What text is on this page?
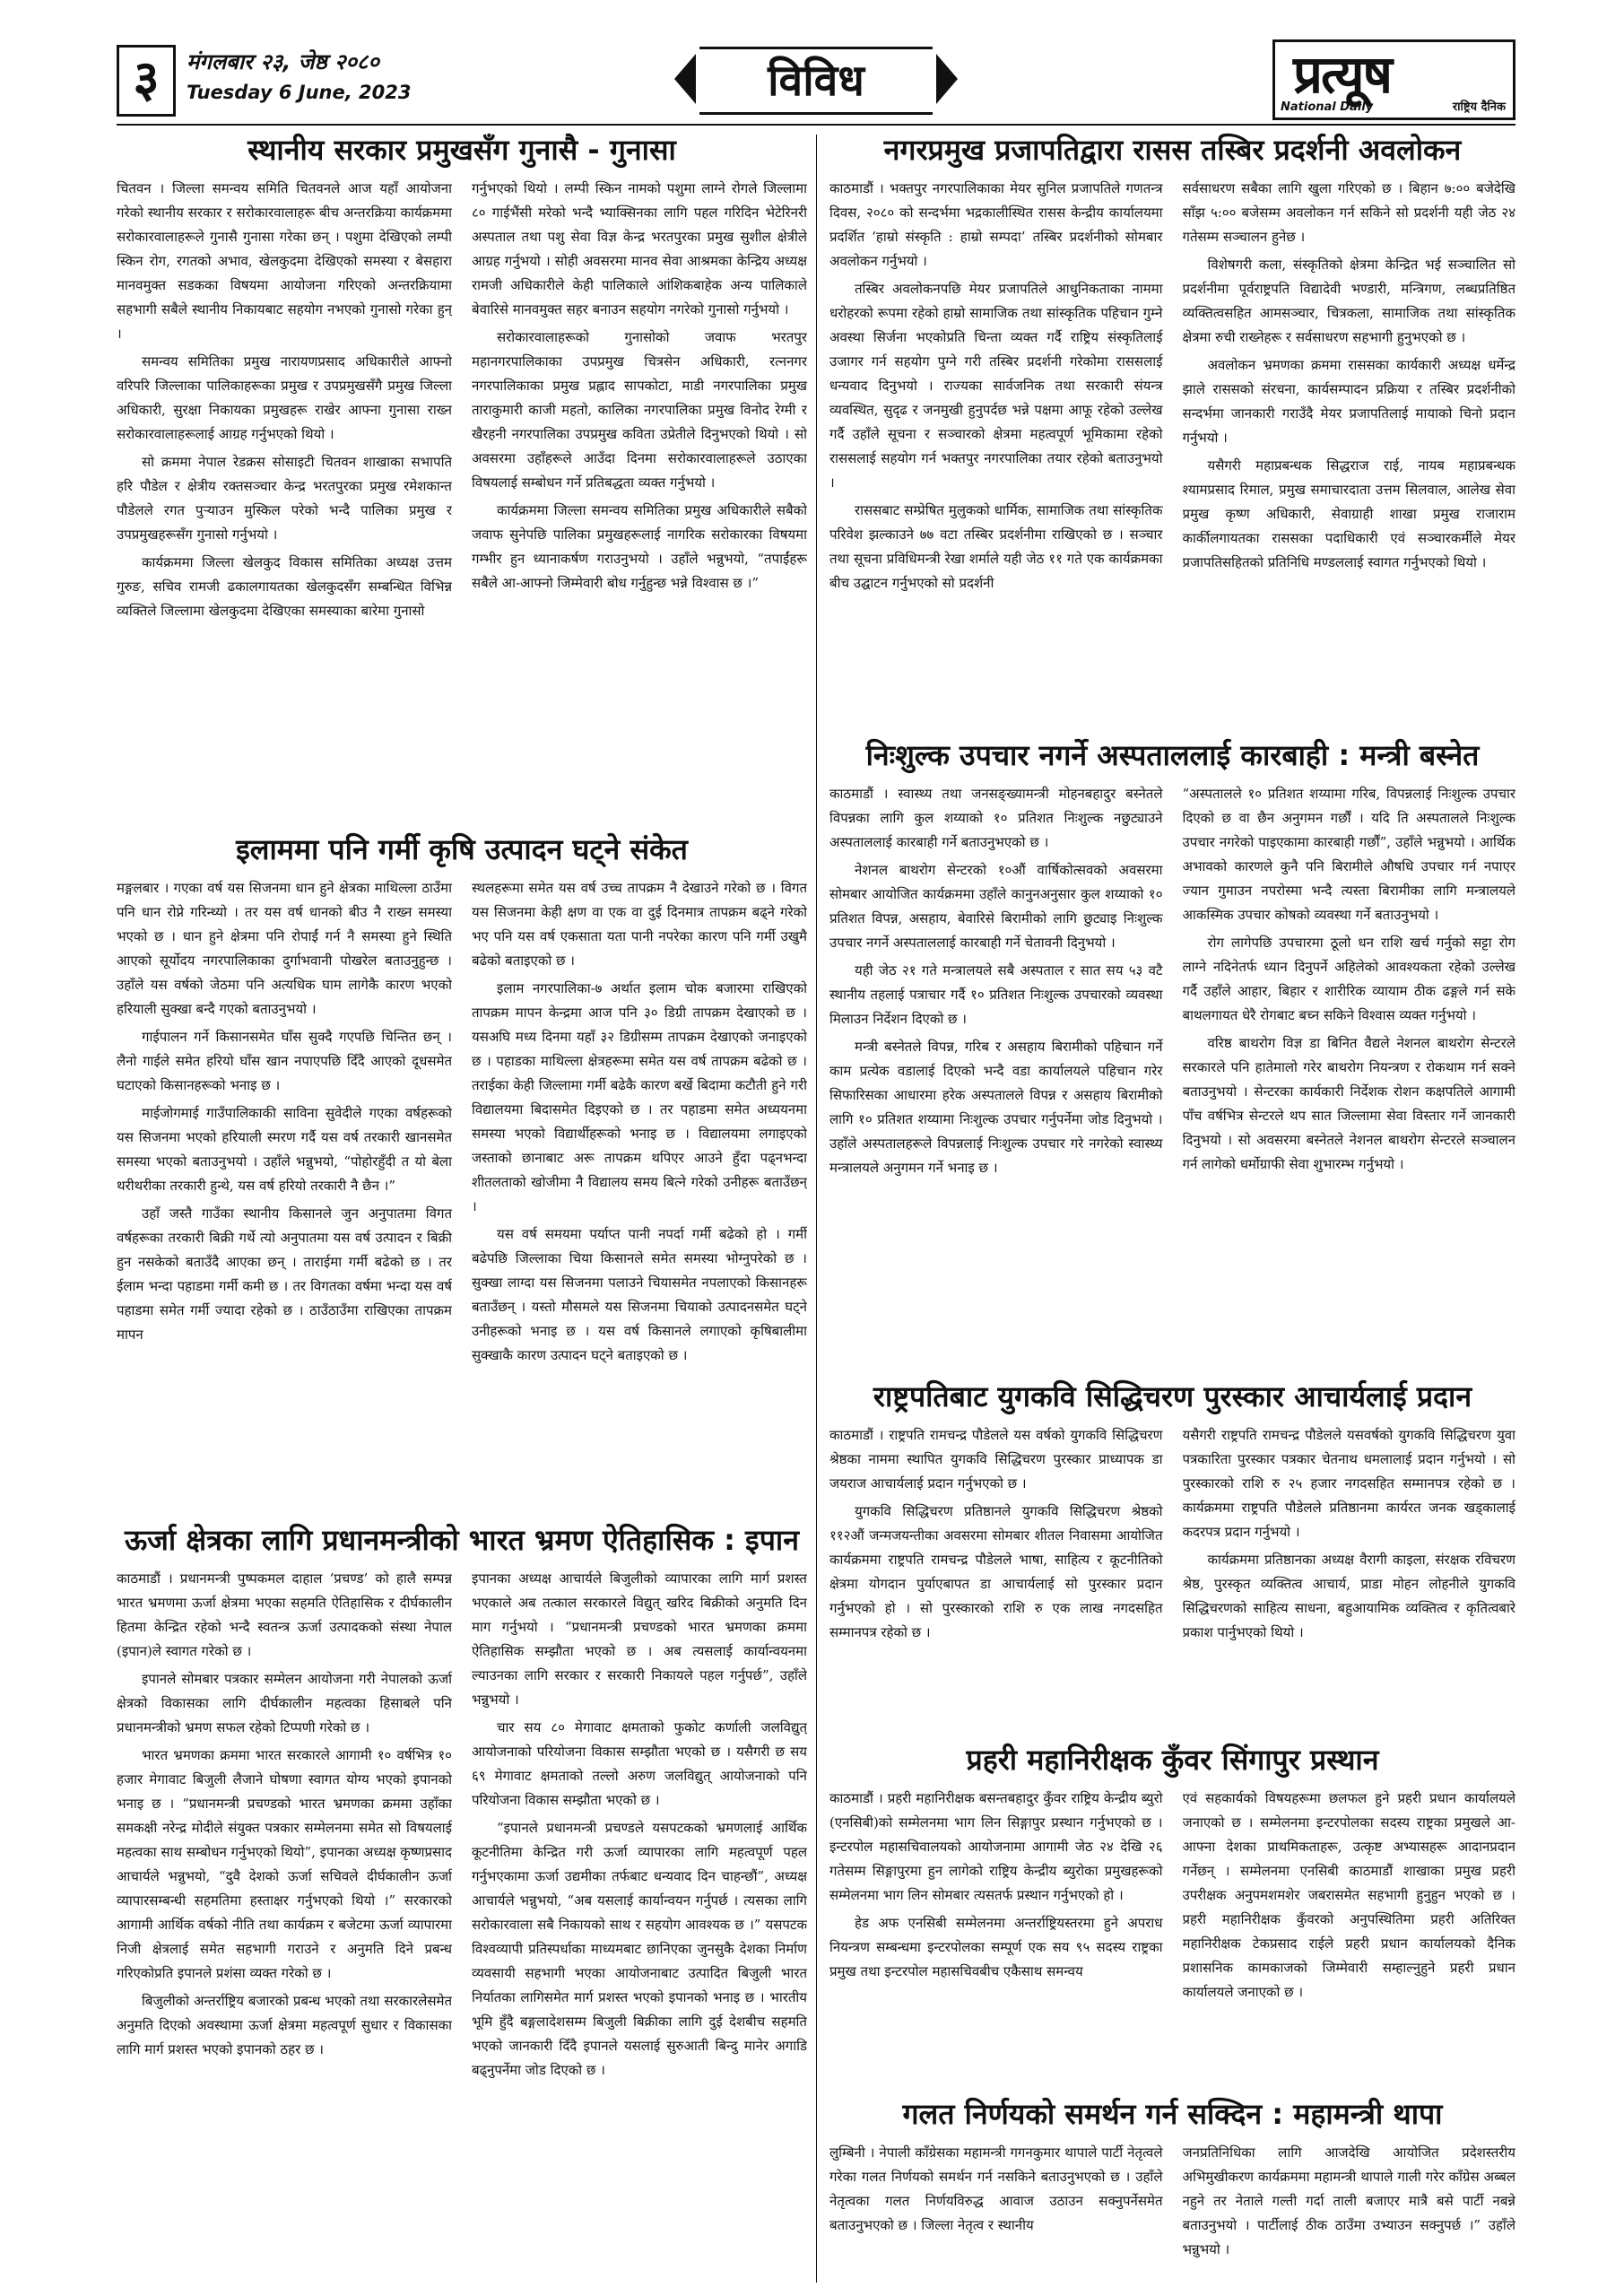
३	मंगलबार २३, जेष्ठ २०८०
Tuesday 6 June, 2023	विविध	प्रत्यूष
National Daily	राष्ट्रिय दैनिक
स्थानीय सरकार प्रमुखसँग गुनासै - गुनासा

चितवन । जिल्ला समन्वय समिति चितवनले आज यहाँ आयोजना गरेको स्थानीय सरकार र सरोकारवालाहरू बीच अन्तरक्रिया कार्यक्रममा सरोकारवालाहरूले गुनासै गुनासा गरेका छन् । पशुमा देखिएको लम्पी स्किन रोग, रगतको अभाव, खेलकुदमा देखिएको समस्या र बेसहारा मानवमुक्त सडकका विषयमा आयोजना गरिएको अन्तरक्रियामा सहभागी सबैले स्थानीय निकायबाट सहयोग नभएको गुनासो गरेका हुन् ।

समन्वय समितिका प्रमुख नारायणप्रसाद अधिकारीले आफ्नो वरिपरि जिल्लाका पालिकाहरूका प्रमुख र उपप्रमुखसँगै प्रमुख जिल्ला अधिकारी, सुरक्षा निकायका प्रमुखहरू राखेर आफ्ना गुनासा राख्न सरोकारवालाहरूलाई आग्रह गर्नुभएको थियो ।

सो क्रममा नेपाल रेडक्रस सोसाइटी चितवन शाखाका सभापति हरि पौडेल र क्षेत्रीय रक्तसञ्चार केन्द्र भरतपुरका प्रमुख रमेशकान्त पौडेलले रगत पुऱ्याउन मुस्किल परेको भन्दै पालिका प्रमुख र उपप्रमुखहरूसँग गुनासो गर्नुभयो ।

कार्यक्रममा जिल्ला खेलकुद विकास समितिका अध्यक्ष उत्तम गुरुङ, सचिव रामजी ढकालगायतका खेलकुदसँग सम्बन्धित विभिन्न व्यक्तिले जिल्लामा खेलकुदमा देखिएका समस्याका बारेमा गुनासो

गर्नुभएको थियो । लम्पी स्किन नामको पशुमा लाग्ने रोगले जिल्लामा ८० गाईभैंसी मरेको भन्दै भ्याक्सिनका लागि पहल गरिदिन भेटेरिनरी अस्पताल तथा पशु सेवा विज्ञ केन्द्र भरतपुरका प्रमुख सुशील क्षेत्रीले आग्रह गर्नुभयो । सोही अवसरमा मानव सेवा आश्रमका केन्द्रिय अध्यक्ष रामजी अधिकारीले केही पालिकाले आंशिकबाहेक अन्य पालिकाले बेवारिसे मानवमुक्त सहर बनाउन सहयोग नगरेको गुनासो गर्नुभयो ।

सरोकारवालाहरूको गुनासोको जवाफ भरतपुर महानगरपालिकाका उपप्रमुख चित्रसेन अधिकारी, रत्ननगर नगरपालिकाका प्रमुख प्रह्लाद सापकोटा, माडी नगरपालिका प्रमुख ताराकुमारी काजी महतो, कालिका नगरपालिका प्रमुख विनोद रेग्मी र खैरहनी नगरपालिका उपप्रमुख कविता उप्रेतीले दिनुभएको थियो । सो अवसरमा उहाँहरूले आउँदा दिनमा सरोकारवालाहरूले उठाएका विषयलाई सम्बोधन गर्ने प्रतिबद्धता व्यक्त गर्नुभयो ।

कार्यक्रममा जिल्ला समन्वय समितिका प्रमुख अधिकारीले सबैको जवाफ सुनेपछि पालिका प्रमुखहरूलाई नागरिक सरोकारका विषयमा गम्भीर हुन ध्यानाकर्षण गराउनुभयो । उहाँले भन्नुभयो, “तपाईंहरू सबैले आ-आफ्नो जिम्मेवारी बोध गर्नुहुन्छ भन्ने विश्वास छ ।”

नगरप्रमुख प्रजापतिद्वारा रासस तस्बिर प्रदर्शनी अवलोकन

काठमाडौं । भक्तपुर नगरपालिकाका मेयर सुनिल प्रजापतिले गणतन्त्र दिवस, २०८० को सन्दर्भमा भद्रकालीस्थित रासस केन्द्रीय कार्यालयमा प्रदर्शित ‘हाम्रो संस्कृति : हाम्रो सम्पदा’ तस्बिर प्रदर्शनीको सोमबार अवलोकन गर्नुभयो ।

तस्बिर अवलोकनपछि मेयर प्रजापतिले आधुनिकताका नाममा धरोहरको रूपमा रहेको हाम्रो सामाजिक तथा सांस्कृतिक पहिचान गुम्ने अवस्था सिर्जना भएकोप्रति चिन्ता व्यक्त गर्दै राष्ट्रिय संस्कृतिलाई उजागर गर्न सहयोग पुग्ने गरी तस्बिर प्रदर्शनी गरेकोमा राससलाई धन्यवाद दिनुभयो । राज्यका सार्वजनिक तथा सरकारी संयन्त्र व्यवस्थित, सुदृढ र जनमुखी हुनुपर्दछ भन्ने पक्षमा आफू रहेको उल्लेख गर्दै उहाँले सूचना र सञ्चारको क्षेत्रमा महत्वपूर्ण भूमिकामा रहेको राससलाई सहयोग गर्न भक्तपुर नगरपालिका तयार रहेको बताउनुभयो ।

राससबाट सम्प्रेषित मुलुकको धार्मिक, सामाजिक तथा सांस्कृतिक परिवेश झल्काउने ७७ वटा तस्बिर प्रदर्शनीमा राखिएको छ । सञ्चार तथा सूचना प्रविधिमन्त्री रेखा शर्माले यही जेठ ११ गते एक कार्यक्रमका बीच उद्घाटन गर्नुभएको सो प्रदर्शनी

सर्वसाधरण सबैका लागि खुला गरिएको छ । बिहान ७:०० बजेदेखि साँझ ५:०० बजेसम्म अवलोकन गर्न सकिने सो प्रदर्शनी यही जेठ २४ गतेसम्म सञ्चालन हुनेछ ।

विशेषगरी कला, संस्कृतिको क्षेत्रमा केन्द्रित भई सञ्चालित सो प्रदर्शनीमा पूर्वराष्ट्रपति विद्यादेवी भण्डारी, मन्त्रिगण, लब्धप्रतिष्ठित व्यक्तित्वसहित आमसञ्चार, चित्रकला, सामाजिक तथा सांस्कृतिक क्षेत्रमा रुची राख्नेहरू र सर्वसाधरण सहभागी हुनुभएको छ ।

अवलोकन भ्रमणका क्रममा राससका कार्यकारी अध्यक्ष धर्मेन्द्र झाले राससको संरचना, कार्यसम्पादन प्रक्रिया र तस्बिर प्रदर्शनीको सन्दर्भमा जानकारी गराउँदै मेयर प्रजापतिलाई मायाको चिनो प्रदान गर्नुभयो ।

यसैगरी महाप्रबन्धक सिद्धराज राई, नायब महाप्रबन्धक श्यामप्रसाद रिमाल, प्रमुख समाचारदाता उत्तम सिलवाल, आलेख सेवा प्रमुख कृष्ण अधिकारी, सेवाग्राही शाखा प्रमुख राजाराम कार्कीलगायतका राससका पदाधिकारी एवं सञ्चारकर्मीले मेयर प्रजापतिसहितको प्रतिनिधि मण्डललाई स्वागत गर्नुभएको थियो ।

इलाममा पनि गर्मी कृषि उत्पादन घट्ने संकेत

मङ्गलबार । गएका वर्ष यस सिजनमा धान हुने क्षेत्रका माथिल्ला ठाउँमा पनि धान रोप्ने गरिन्थ्यो । तर यस वर्ष धानको बीउ नै राख्न समस्या भएको छ । धान हुने क्षेत्रमा पनि रोपाईं गर्न नै समस्या हुने स्थिति आएको सूर्योदय नगरपालिकाका दुर्गाभवानी पोखरेल बताउनुहुन्छ । उहाँले यस वर्षको जेठमा पनि अत्यधिक घाम लागेकै कारण भएको हरियाली सुक्खा बन्दै गएको बताउनुभयो ।

गाईपालन गर्ने किसानसमेत घाँस सुक्दै गएपछि चिन्तित छन् । लैनो गाईले समेत हरियो घाँस खान नपाएपछि दिँदै आएको दूधसमेत घटाएको किसानहरूको भनाइ छ ।

माईजोगमाई गाउँपालिकाकी साविना सुवेदीले गएका वर्षहरूको यस सिजनमा भएको हरियाली स्मरण गर्दै यस वर्ष तरकारी खानसमेत समस्या भएको बताउनुभयो । उहाँले भन्नुभयो, “पोहोरहुँदी त यो बेला थरीथरीका तरकारी हुन्थे, यस वर्ष हरियो तरकारी नै छैन ।”

उहाँ जस्तै गाउँका स्थानीय किसानले जुन अनुपातमा विगत वर्षहरूका तरकारी बिक्री गर्थे त्यो अनुपातमा यस वर्ष उत्पादन र बिक्री हुन नसकेको बताउँदै आएका छन् । ताराईमा गर्मी बढेको छ । तर ईलाम भन्दा पहाडमा गर्मी कमी छ । तर विगतका वर्षमा भन्दा यस वर्ष पहाडमा समेत गर्मी ज्यादा रहेको छ । ठाउँठाउँमा राखिएका तापक्रम मापन

स्थलहरूमा समेत यस वर्ष उच्च तापक्रम नै देखाउने गरेको छ । विगत यस सिजनमा केही क्षण वा एक वा दुई दिनमात्र तापक्रम बढ्ने गरेको भए पनि यस वर्ष एकसाता यता पानी नपरेका कारण पनि गर्मी उखुमै बढेको बताइएको छ ।

इलाम नगरपालिका-७ अर्थात इलाम चोक बजारमा राखिएको तापक्रम मापन केन्द्रमा आज पनि ३० डिग्री तापक्रम देखाएको छ । यसअघि मध्य दिनमा यहाँ ३२ डिग्रीसम्म तापक्रम देखाएको जनाइएको छ । पहाडका माथिल्ला क्षेत्रहरूमा समेत यस वर्ष तापक्रम बढेको छ । तराईका केही जिल्लामा गर्मी बढेकै कारण बर्खे बिदामा कटौती हुने गरी विद्यालयमा बिदासमेत दिइएको छ । तर पहाडमा समेत अध्ययनमा समस्या भएको विद्यार्थीहरूको भनाइ छ । विद्यालयमा लगाइएको जस्ताको छानाबाट अरू तापक्रम थपिएर आउने हुँदा पढ्नभन्दा शीतलताको खोजीमा नै विद्यालय समय बित्ने गरेको उनीहरू बताउँछन् ।

यस वर्ष समयमा पर्याप्त पानी नपर्दा गर्मी बढेको हो । गर्मी बढेपछि जिल्लाका चिया किसानले समेत समस्या भोग्नुपरेको छ । सुक्खा लाग्दा यस सिजनमा पलाउने चियासमेत नपलाएको किसानहरू बताउँछन् । यस्तो मौसमले यस सिजनमा चियाको उत्पादनसमेत घट्ने उनीहरूको भनाइ छ । यस वर्ष किसानले लगाएको कृषिबालीमा सुक्खाकै कारण उत्पादन घट्ने बताइएको छ ।

निःशुल्क उपचार नगर्ने अस्पताललाई कारबाही : मन्त्री बस्नेत

काठमाडौं । स्वास्थ्य तथा जनसङ्ख्यामन्त्री मोहनबहादुर बस्नेतले विपन्नका लागि कुल शय्याको १० प्रतिशत निःशुल्क नछुट्याउने अस्पताललाई कारबाही गर्ने बताउनुभएको छ ।

नेशनल बाथरोग सेन्टरको १०औं वार्षिकोत्सवको अवसरमा सोमबार आयोजित कार्यक्रममा उहाँले कानुनअनुसार कुल शय्याको १० प्रतिशत विपन्न, असहाय, बेवारिसे बिरामीको लागि छुट्याइ निःशुल्क उपचार नगर्ने अस्पताललाई कारबाही गर्ने चेतावनी दिनुभयो ।

यही जेठ २१ गते मन्त्रालयले सबै अस्पताल र सात सय ५३ वटै स्थानीय तहलाई पत्राचार गर्दै १० प्रतिशत निःशुल्क उपचारको व्यवस्था मिलाउन निर्देशन दिएको छ ।

मन्त्री बस्नेतले विपन्न, गरिब र असहाय बिरामीको पहिचान गर्ने काम प्रत्येक वडालाई दिएको भन्दै वडा कार्यालयले पहिचान गरेर सिफारिसका आधारमा हरेक अस्पतालले विपन्न र असहाय बिरामीको लागि १० प्रतिशत शय्यामा निःशुल्क उपचार गर्नुपर्नेमा जोड दिनुभयो । उहाँले अस्पतालहरूले विपन्नलाई निःशुल्क उपचार गरे नगरेको स्वास्थ्य मन्त्रालयले अनुगमन गर्ने भनाइ छ ।

“अस्पतालले १० प्रतिशत शय्यामा गरिब, विपन्नलाई निःशुल्क उपचार दिएको छ वा छैन अनुगमन गर्छौं । यदि ति अस्पतालले निःशुल्क उपचार नगरेको पाइएकामा कारबाही गर्छौं”, उहाँले भन्नुभयो । आर्थिक अभावको कारणले कुनै पनि बिरामीले औषधि उपचार गर्न नपाएर ज्यान गुमाउन नपरोस्मा भन्दै त्यस्ता बिरामीका लागि मन्त्रालयले आकस्मिक उपचार कोषको व्यवस्था गर्ने बताउनुभयो ।

रोग लागेपछि उपचारमा ठूलो धन राशि खर्च गर्नुको सट्टा रोग लाग्ने नदिनेतर्फ ध्यान दिनुपर्ने अहिलेको आवश्यकता रहेको उल्लेख गर्दै उहाँले आहार, बिहार र शारीरिक व्यायाम ठीक ढङ्गले गर्न सके बाथलगायत धेरै रोगबाट बच्न सकिने विश्वास व्यक्त गर्नुभयो ।

वरिष्ठ बाथरोग विज्ञ डा बिनित वैद्यले नेशनल बाथरोग सेन्टरले सरकारले पनि हातेमालो गरेर बाथरोग नियन्त्रण र रोकथाम गर्न सक्ने बताउनुभयो । सेन्टरका कार्यकारी निर्देशक रोशन कक्षपतिले आगामी पाँच वर्षभित्र सेन्टरले थप सात जिल्लामा सेवा विस्तार गर्ने जानकारी दिनुभयो । सो अवसरमा बस्नेतले नेशनल बाथरोग सेन्टरले सञ्चालन गर्न लागेको धर्मोग्राफी सेवा शुभारम्भ गर्नुभयो ।

राष्ट्रपतिबाट युगकवि सिद्धिचरण पुरस्कार आचार्यलाई प्रदान

काठमाडौं । राष्ट्रपति रामचन्द्र पौडेलले यस वर्षको युगकवि सिद्धिचरण श्रेष्ठका नाममा स्थापित युगकवि सिद्धिचरण पुरस्कार प्राध्यापक डा जयराज आचार्यलाई प्रदान गर्नुभएको छ ।

युगकवि सिद्धिचरण प्रतिष्ठानले युगकवि सिद्धिचरण श्रेष्ठको ११२औं जन्मजयन्तीका अवसरमा सोमबार शीतल निवासमा आयोजित कार्यक्रममा राष्ट्रपति रामचन्द्र पौडेलले भाषा, साहित्य र कूटनीतिको क्षेत्रमा योगदान पुर्याएबापत डा आचार्यलाई सो पुरस्कार प्रदान गर्नुभएको हो । सो पुरस्कारको राशि रु एक लाख नगदसहित सम्मानपत्र रहेको छ ।

यसैगरी राष्ट्रपति रामचन्द्र पौडेलले यसवर्षको युगकवि सिद्धिचरण युवा पत्रकारिता पुरस्कार पत्रकार चेतनाथ धमलालाई प्रदान गर्नुभयो । सो पुरस्कारको राशि रु २५ हजार नगदसहित सम्मानपत्र रहेको छ । कार्यक्रममा राष्ट्रपति पौडेलले प्रतिष्ठानमा कार्यरत जनक खड्कालाई कदरपत्र प्रदान गर्नुभयो ।

कार्यक्रममा प्रतिष्ठानका अध्यक्ष वैरागी काइला, संरक्षक रविचरण श्रेष्ठ, पुरस्कृत व्यक्तित्व आचार्य, प्राडा मोहन लोहनीले युगकवि सिद्धिचरणको साहित्य साधना, बहुआयामिक व्यक्तित्व र कृतित्वबारे प्रकाश पार्नुभएको थियो ।

ऊर्जा क्षेत्रका लागि प्रधानमन्त्रीको भारत भ्रमण ऐतिहासिक : इपान

काठमाडौं । प्रधानमन्त्री पुष्पकमल दाहाल ‘प्रचण्ड’ को हालै सम्पन्न भारत भ्रमणमा ऊर्जा क्षेत्रमा भएका सहमति ऐतिहासिक र दीर्घकालीन हितमा केन्द्रित रहेको भन्दै स्वतन्त्र ऊर्जा उत्पादकको संस्था नेपाल (इपान)ले स्वागत गरेको छ ।

इपानले सोमबार पत्रकार सम्मेलन आयोजना गरी नेपालको ऊर्जा क्षेत्रको विकासका लागि दीर्घकालीन महत्वका हिसाबले पनि प्रधानमन्त्रीको भ्रमण सफल रहेको टिप्पणी गरेको छ ।

भारत भ्रमणका क्रममा भारत सरकारले आगामी १० वर्षभित्र १० हजार मेगावाट बिजुली लैजाने घोषणा स्वागत योग्य भएको इपानको भनाइ छ । “प्रधानमन्त्री प्रचण्डको भारत भ्रमणका क्रममा उहाँका समकक्षी नरेन्द्र मोदीले संयुक्त पत्रकार सम्मेलनमा समेत सो विषयलाई महत्वका साथ सम्बोधन गर्नुभएको थियो”, इपानका अध्यक्ष कृष्णप्रसाद आचार्यले भन्नुभयो, “दुवै देशको ऊर्जा सचिवले दीर्घकालीन ऊर्जा व्यापारसम्बन्धी सहमतिमा हस्ताक्षर गर्नुभएको थियो ।” सरकारको आगामी आर्थिक वर्षको नीति तथा कार्यक्रम र बजेटमा ऊर्जा व्यापारमा निजी क्षेत्रलाई समेत सहभागी गराउने र अनुमति दिने प्रबन्ध गरिएकोप्रति इपानले प्रशंसा व्यक्त गरेको छ ।

बिजुलीको अन्तर्राष्ट्रिय बजारको प्रबन्ध भएको तथा सरकारलेसमेत अनुमति दिएको अवस्थामा ऊर्जा क्षेत्रमा महत्वपूर्ण सुधार र विकासका लागि मार्ग प्रशस्त भएको इपानको ठहर छ ।

इपानका अध्यक्ष आचार्यले बिजुलीको व्यापारका लागि मार्ग प्रशस्त भएकाले अब तत्काल सरकारले विद्युत् खरिद बिक्रीको अनुमति दिन माग गर्नुभयो । “प्रधानमन्त्री प्रचण्डको भारत भ्रमणका क्रममा ऐतिहासिक सम्झौता भएको छ । अब त्यसलाई कार्यान्वयनमा ल्याउनका लागि सरकार र सरकारी निकायले पहल गर्नुपर्छ”, उहाँले भन्नुभयो ।

चार सय ८० मेगावाट क्षमताको फुकोट कर्णाली जलविद्युत् आयोजनाको परियोजना विकास सम्झौता भएको छ । यसैगरी छ सय ६९ मेगावाट क्षमताको तल्लो अरुण जलविद्युत् आयोजनाको पनि परियोजना विकास सम्झौता भएको छ ।

“इपानले प्रधानमन्त्री प्रचण्डले यसपटकको भ्रमणलाई आर्थिक कूटनीतिमा केन्द्रित गरी ऊर्जा व्यापारका लागि महत्वपूर्ण पहल गर्नुभएकामा ऊर्जा उद्यमीका तर्फबाट धन्यवाद दिन चाहन्छौं”, अध्यक्ष आचार्यले भन्नुभयो, “अब यसलाई कार्यान्वयन गर्नुपर्छ । त्यसका लागि सरोकारवाला सबै निकायको साथ र सहयोग आवश्यक छ ।” यसपटक विश्वव्यापी प्रतिस्पर्धाका माध्यमबाट छानिएका जुनसुकै देशका निर्माण व्यवसायी सहभागी भएका आयोजनाबाट उत्पादित बिजुली भारत निर्यातका लागिसमेत मार्ग प्रशस्त भएको इपानको भनाइ छ । भारतीय भूमि हुँदै बङ्गलादेशसम्म बिजुली बिक्रीका लागि दुई देशबीच सहमति भएको जानकारी दिँदै इपानले यसलाई सुरुआती बिन्दु मानेर अगाडि बढ्नुपर्नेमा जोड दिएको छ ।

प्रहरी महानिरीक्षक कुँवर सिंगापुर प्रस्थान

काठमाडौं । प्रहरी महानिरीक्षक बसन्तबहादुर कुँवर राष्ट्रिय केन्द्रीय ब्युरो (एनसिबी)को सम्मेलनमा भाग लिन सिङ्गापुर प्रस्थान गर्नुभएको छ । इन्टरपोल महासचिवालयको आयोजनामा आगामी जेठ २४ देखि २६ गतेसम्म सिङ्गापुरमा हुन लागेको राष्ट्रिय केन्द्रीय ब्युरोका प्रमुखहरूको सम्मेलनमा भाग लिन सोमबार त्यसतर्फ प्रस्थान गर्नुभएको हो ।

हेड अफ एनसिबी सम्मेलनमा अन्तर्राष्ट्रियस्तरमा हुने अपराध नियन्त्रण सम्बन्धमा इन्टरपोलका सम्पूर्ण एक सय ९५ सदस्य राष्ट्रका प्रमुख तथा इन्टरपोल महासचिवबीच एकैसाथ समन्वय

एवं सहकार्यको विषयहरूमा छलफल हुने प्रहरी प्रधान कार्यालयले जनाएको छ । सम्मेलनमा इन्टरपोलका सदस्य राष्ट्रका प्रमुखले आ-आफ्ना देशका प्राथमिकताहरू, उत्कृष्ट अभ्यासहरू आदानप्रदान गर्नेछन् । सम्मेलनमा एनसिबी काठमाडौं शाखाका प्रमुख प्रहरी उपरीक्षक अनुपमशमशेर जबरासमेत सहभागी हुनुहुन भएको छ । प्रहरी महानिरीक्षक कुँवरको अनुपस्थितिमा प्रहरी अतिरिक्त महानिरीक्षक टेकप्रसाद राईले प्रहरी प्रधान कार्यालयको दैनिक प्रशासनिक कामकाजको जिम्मेवारी सम्हाल्नुहुने प्रहरी प्रधान कार्यालयले जनाएको छ ।

गलत निर्णयको समर्थन गर्न सक्दिन : महामन्त्री थापा

लुम्बिनी । नेपाली काँग्रेसका महामन्त्री गगनकुमार थापाले पार्टी नेतृत्वले गरेका गलत निर्णयको समर्थन गर्न नसकिने बताउनुभएको छ । उहाँले नेतृत्वका गलत निर्णयविरुद्ध आवाज उठाउन सक्नुपर्नेसमेत बताउनुभएको छ । जिल्ला नेतृत्व र स्थानीय

जनप्रतिनिधिका लागि आजदेखि आयोजित प्रदेशस्तरीय अभिमुखीकरण कार्यक्रममा महामन्त्री थापाले गाली गरेर काँग्रेस अब्बल नहुने तर नेताले गल्ती गर्दा ताली बजाएर मात्रै बसे पार्टी नबन्ने बताउनुभयो । पार्टीलाई ठीक ठाउँमा उभ्याउन सक्नुपर्छ ।” उहाँले भन्नुभयो ।
